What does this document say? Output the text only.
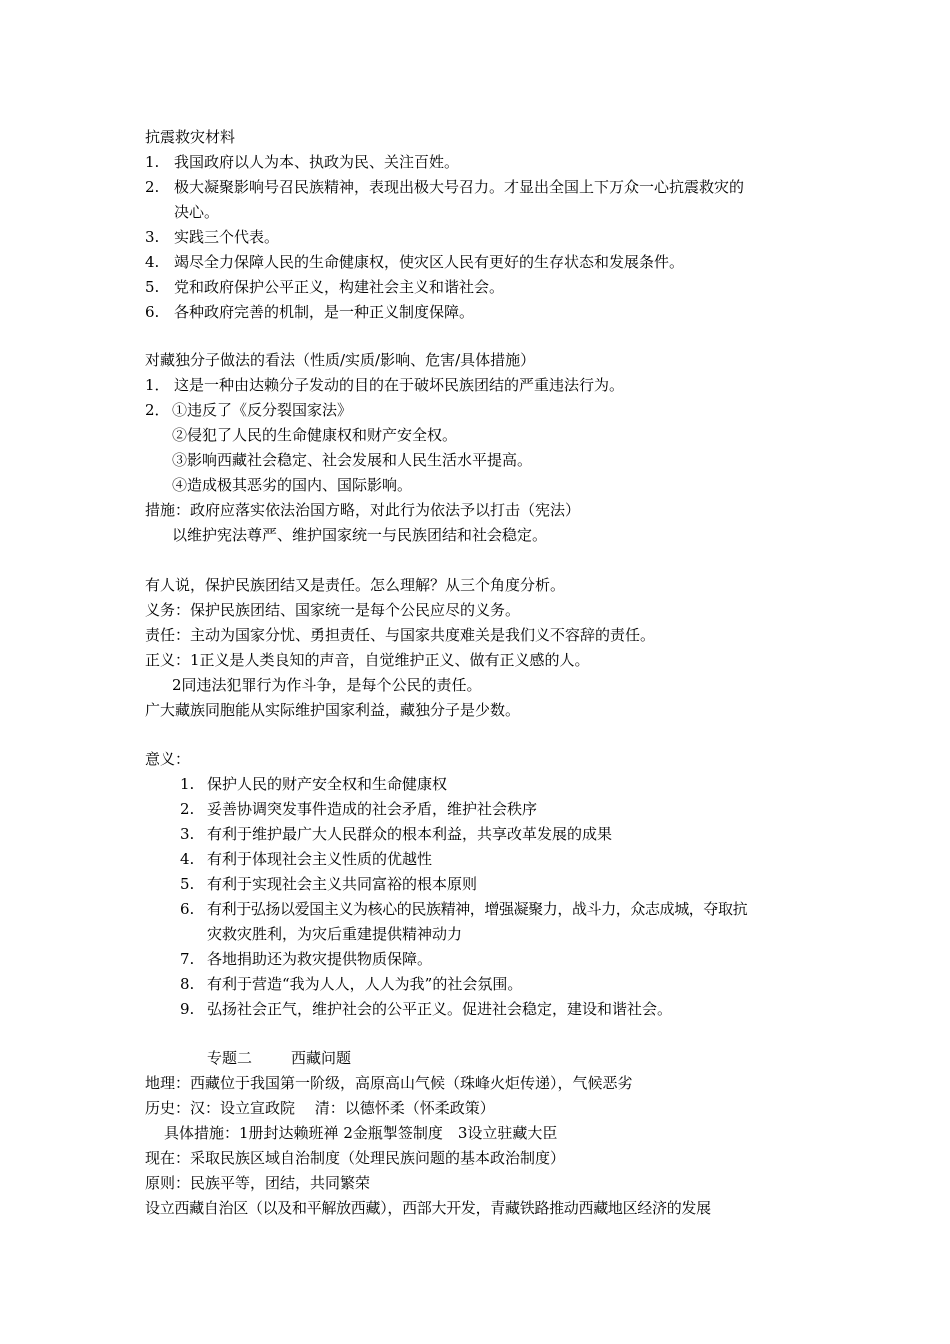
抗震救灾材料
1. 我国政府以人为本、执政为民、关注百姓。
2. 极大凝聚影响号召民族精神，表现出极大号召力。才显出全国上下万众一心抗震救灾的
决心。
3. 实践三个代表。
4. 竭尽全力保障人民的生命健康权，使灾区人民有更好的生存状态和发展条件。
5. 党和政府保护公平正义，构建社会主义和谐社会。
6. 各种政府完善的机制，是一种正义制度保障。
对藏独分子做法的看法（性质/实质/影响、危害/具体措施）
1． 这是一种由达赖分子发动的目的在于破坏民族团结的严重违法行为。
2． ①违反了《反分裂国家法》
②侵犯了人民的生命健康权和财产安全权。
③影响西藏社会稳定、社会发展和人民生活水平提高。
④造成极其恶劣的国内、国际影响。
措施：政府应落实依法治国方略，对此行为依法予以打击（宪法）
以维护宪法尊严、维护国家统一与民族团结和社会稳定。
有人说，保护民族团结又是责任。怎么理解？从三个角度分析。
义务：保护民族团结、国家统一是每个公民应尽的义务。
责任：主动为国家分忧、勇担责任、与国家共度难关是我们义不容辞的责任。
正义：1正义是人类良知的声音，自觉维护正义、做有正义感的人。
2同违法犯罪行为作斗争，是每个公民的责任。
广大藏族同胞能从实际维护国家利益，藏独分子是少数。
意义：
1. 保护人民的财产安全权和生命健康权
2. 妥善协调突发事件造成的社会矛盾，维护社会秩序
3. 有利于维护最广大人民群众的根本利益，共享改革发展的成果
4. 有利于体现社会主义性质的优越性
5. 有利于实现社会主义共同富裕的根本原则
6. 有利于弘扬以爱国主义为核心的民族精神，增强凝聚力，战斗力，众志成城，夺取抗
灾救灾胜利，为灾后重建提供精神动力
7. 各地捐助还为救灾提供物质保障。
8. 有利于营造“我为人人，人人为我”的社会氛围。
9. 弘扬社会正气，维护社会的公平正义。促进社会稳定，建设和谐社会。
专题二	西藏问题
地理：西藏位于我国第一阶级，高原高山气候（珠峰火炬传递），气候恶劣
历史：汉：设立宣政院　 清：以德怀柔（怀柔政策）
具体措施：1册封达赖班禅 2金瓶掣签制度　3设立驻藏大臣
现在：采取民族区域自治制度（处理民族问题的基本政治制度）
原则：民族平等，团结，共同繁荣
设立西藏自治区（以及和平解放西藏），西部大开发，青藏铁路推动西藏地区经济的发展
